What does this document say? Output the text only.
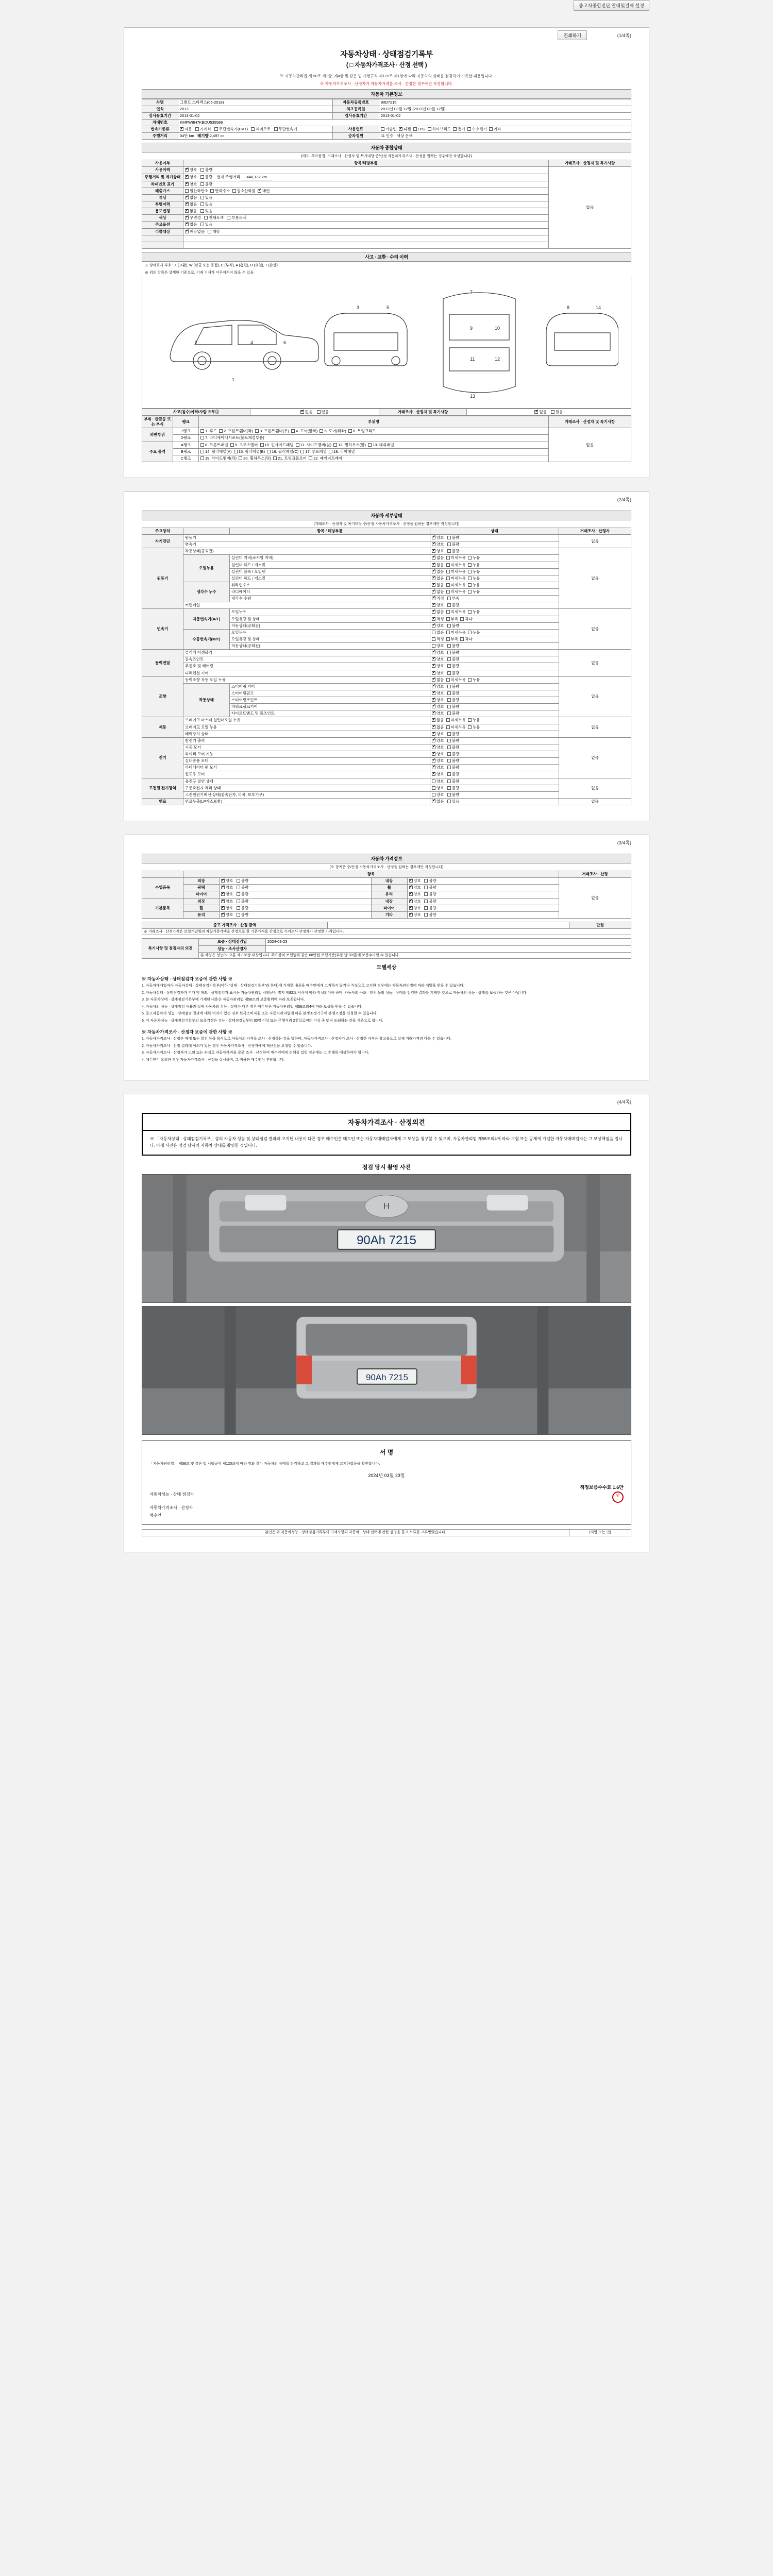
중고차종합진단 안내및결제 설정
인쇄하기	(1/4쪽)
자동차상태 · 상태점검기록부
( □ 자동차가격조사 · 산정 선택 )
※ 자동차관리법 제 58조 제1항, 제4항 및 같은 법 시행규칙 제120조 제1항에 따라 자동차의 상태를 점검하여 기록한 내용입니다.
※ 자동차가격조사 · 산정자가 자동차가격을 조사 · 산정한 경우에만 작성합니다.
자동차 기본정보
차명	그랜드 스타렉스(06-2018)	자동차등록번호	90D7215
연식	2013	최초등록일	2013년 03월 12일 (2013년 03월 12일)
검사유효기간	2013-01-02	검사유효기간	2013-01-02
차대번호	KMFWBH7KBDU535586		
변속기종류	✔자동 기계식 무단변속기(CVT) 세미오토 무단변속기	사용연료	가솔린 ✔ 디젤 LPG 하이브리드 전기 수소전기 기타
주행거리	04만 km 배기량 2,497 cc	승차정원	11 인승 색상 은색
자동차 종합상태
(매도, 주요품질, 거래조사 · 산정자 및 목기대당 중/산정 자동차가격조사 · 산정을 원하는 경우에만 작성합니다)
사용여부	항목/해당부품	거래조사 · 산정자 및 특기사항
사용이력	✔양호 불량	없음
주행거리 및 계기상태	✔양호 불량 현재 주행거리 448,132 km
차대번호 표기	✔양호 불량
배출가스	일산화탄소 탄화수소 질소산화물 ✔ 매연
튜닝	✔없음 있음
특별이력	✔없음 있음
용도변경	✔없음 있음
색상	✔무변경 전체도색 부분도색
주요옵션	✔없음 있음
리콜대상	✔해당없음 해당

사고 · 교환 · 수리 이력
※ 상태표시 부호 : X (교환), W (판금 또는 용접), C (부식), A (흠집), U (요철), T (손상)
※ 위의 항목은 상세한 기준으로, 기재 기재가 이루어지지 않을 수 있음
1
2	4	6
3	5
7
9
11
10
12
13
8	14
사고(침수)이력/사람 유무①	✔없음 있음	거래조사 · 산정자 및 특기사항	✔없음 있음
부위 · 판금등 또는 부식	랭크	부위명	거래조사 · 산정자 및 특기사항
외판부위	1랭크	1. 후드 2. 프론트휀더(좌) 3. 프론트휀더(우) 4. 도어(앞좌) 5. 도어(뒤좌) 6. 트렁크리드	없음
	2랭크	7. 라디에이터서포트(볼트체결부품)	
주요 골격	A랭크	8. 프론트패널 9. 크로스멤버 10. 인사이드패널 11. 사이드멤버(앞) 12. 휠하우스(앞) 13. 대쉬패널	
	B랭크	14. 필러패널(A) 15. 필러패널(B) 16. 필러패널(C) 17. 루프패널 18. 리어패널	
	C랭크	19. 사이드멤버(뒤) 20. 휠하우스(뒤) 21. 트렁크플로어 22. 패키지트레이	
(2/4쪽)
자동차 세부상태
(거래조사 · 산정자 및 목기대당 중/산정 자동차가격조사 · 산정을 원하는 경우에만 작성합니다)
주요장치		항목 / 해당부품	상태	거래조사 · 산정자
자기진단	원동기	✔양호 불량	없음
	변속기	✔양호 불량
원동기	작동상태(공회전)	✔양호 불량	없음
	오일누유	실린더 커버(로커암 커버)	✔없음 미세누유 누유
		실린더 헤드 / 개스킷	✔없음 미세누유 누유
		실린더 블록 / 오일팬	✔없음 미세누유 누유
		실린더 헤드 / 개스킷	✔없음 미세누유 누유
	냉각수 누수	위라인호스	✔없음 미세누유 누유
		라디에이터	✔없음 미세누유 누유
		냉각수 수량	✔적정 부족
	커먼레일	✔양호 불량
변속기	자동변속기(A/T)	오일누유	✔없음 미세누유 누유	없음
		오일유량 및 상태	✔적정 부족 과다
		작동상태(공회전)	✔양호 불량
	수동변속기(M/T)	오일누유	없음 미세누유 누유	
		오일유량 및 상태	적정 부족 과다	
		작동상태(공회전)	양호 불량	
동력전달	클러치 어셈블리	✔양호 불량	없음
	등속죠인트	✔양호 불량
	추진축 및 베어링	✔양호 불량
	디퍼렌셜 기어	✔양호 불량
조향	동력조향 작동 오일 누유	✔없음 미세누유 누유	없음
	작동상태	스티어링 기어	✔양호 불량
		스티어링펌프	✔양호 불량
		스티어링조인트	✔양호 불량
		파워크랭크기어	✔양호 불량
		타이로드엔드 및 볼조인트	✔양호 불량
제동	브레이크 마스터 실린더오일 누유	✔없음 미세누유 누유	없음
	브레이크 오일 누유	✔없음 미세누유 누유
	배력장치 상태	✔양호 불량
전기	발전기 출력	✔양호 불량	없음
	시동 모터	✔양호 불량
	와이퍼 모터 기능	✔양호 불량
	실내송풍 모터	✔양호 불량
	라디에이터 팬 모터	✔양호 불량
	윈도우 모터	✔양호 불량
고전원 전기장치	충전구 절연 상태		양호 불량	없음
	구동축전지 격리 상태		양호 불량	
	고전원전기배선 상태(접속단자, 피복, 보호기구)		양호 불량	
연료	연료누출(LP가스포함)	✔없음 있음	없음
(3/4쪽)
자동차 가격정보
(※ 항목은 중/산정 자동차가격조사 · 산정을 원하는 경우에만 작성합니다)
	항목				거래조사 · 산정
수입품목	외장	✔양호   불량	내장	✔양호   불량	없음
	광택	✔양호   불량	휠	✔양호   불량
	타이어	✔양호   불량	유리	✔양호   불량
기본품목	외장	✔양호   불량	내장	✔양호   불량
	휠	✔양호   불량	타이어	✔양호   불량
	유리	✔양호   불량	기타	✔양호   불량
중고 가격조사 · 산정 금액		만원
※ 거래조사 · 산정가격은 보험개발원의 차량기준가액을 산정으로 한 기준가격을 산정으로 가격조사 산정자가 산정한 가격입니다.
특기사항 및 점검자의 의견	보증 · 상태점검일	2024-03-23
	성능 · 조사산정자	
	본 차량은 성능/시 교통 자기보장 대상입니다. 주요장치 보험범위 같은 60만원 보험기준(부품 당 30일)에 보증수리할 수 있습니다.	
모텔세상
※ 자동차상태 · 상태점검자 보증에 관한 사항 ※

1. 자동차매매업자가 자동차상태 · 상태점검기록부(이하 "상태 · 상태점검기록부"라 한다)에 기재한 내용을 매수인에게 고지하지 않거나 거짓으로 고지한 경우에는 자동차관리법에 따라 처벌을 받을 수 있습니다.

2. 자동차상태 · 상태점검자가 기재 및 매도 · 상태점검자 표시는 자동차관리법 시행규칙 별지 제82호 서식에 따라 작성되어야 하며, 자동차의 구조 · 장치 등의 성능 · 상태를 점검한 결과를 기재한 것으로 자동차의 성능 · 상태를 보증하는 것은 아닙니다.

3. 본 자동차상태 · 상태점검기록부에 기재된 내용은 자동차관리법 제58조의 보증범위에 따라 보증됩니다.

4. 자동차의 성능 · 상태점검 내용과 실제 자동차의 성능 · 상태가 다른 경우 매수인은 자동차관리법 제58조의4에 따라 보상을 받을 수 있습니다.

5. 중고자동차의 성능 · 상태점검 결과에 대한 이의가 있는 경우 한국소비자원 또는 자동차관리법에 따른 분쟁조정기구에 분쟁조정을 신청할 수 있습니다.

6. 이 자동차성능 · 상태점검기록부의 보증기간은 성능 · 상태점검일부터 30일 이상 또는 주행거리 2천킬로미터 이상 중 먼저 도래하는 것을 기준으로 합니다.

※ 자동차가격조사 · 산정자 보증에 관한 사항 ※

1. 자동차가격조사 · 산정은 매매 또는 알선 등을 목적으로 자동차의 가격을 조사 · 산정하는 것을 말하며, 자동차가격조사 · 산정자가 조사 · 산정한 가격은 참고용으로 실제 거래가격과 다를 수 있습니다.

2. 자동차가격조사 · 산정 결과에 이의가 있는 경우 자동차가격조사 · 산정자에게 재산정을 요청할 수 있습니다.

3. 자동차가격조사 · 산정자가 고의 또는 과실로 자동차가격을 잘못 조사 · 산정하여 매수인에게 손해를 입힌 경우에는 그 손해를 배상하여야 합니다.

4. 매수인이 요청한 경우 자동차가격조사 · 산정을 실시하며, 그 비용은 매수인이 부담합니다.

(4/4쪽)
자동차가격조사 · 산정의견
※ 「자동차상태 · 상태점검기록부」상의 자동차 성능 및 상태점검 결과와 고지된 내용이 다른 경우 매수인은 매도인 또는 자동차매매업자에게 그 보상을 청구할 수 있으며, 자동차관리법 제58조의4에 따라 보험 또는 공제에 가입한 자동차매매업자는 그 보상책임을 집니다. 아래 사진은 점검 당시의 자동차 상태를 촬영한 것입니다.
점검 당시 촬영 사진
H
90Ah 7215
90Ah 7215
서 명
「자동차관리법」 제58조 및 같은 법 시행규칙 제120조에 따라 위와 같이 자동차의 상태를 점검하고 그 결과를 매수인에게 고지하였음을 확인합니다.
2024년 03월 23일
책정보증수수료 1.6만
자동차성능 · 상태 점검자	인
자동차가격조사 · 산정자
매수인
본인은 위 자동차성능 · 상태점검기록부의 기재사항과 자동차 · 상태 선택에 관한 설명을 듣고 서류를 교부받았습니다.	(서명 또는 인)
